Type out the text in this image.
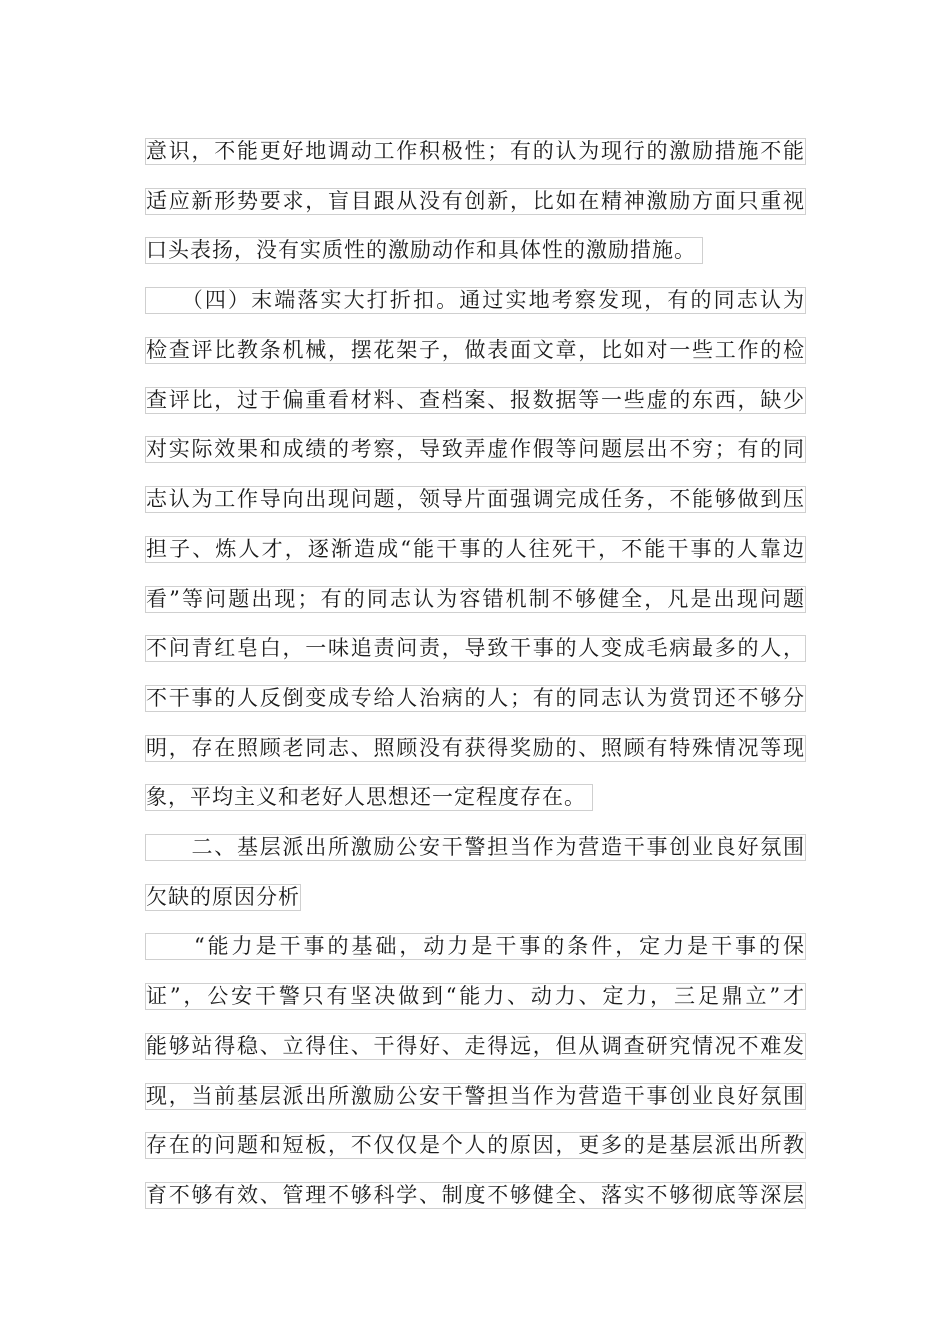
意识，不能更好地调动工作积极性；有的认为现行的激励措施不能
适应新形势要求，盲目跟从没有创新，比如在精神激励方面只重视
口头表扬，没有实质性的激励动作和具体性的激励措施。
　　（四）末端落实大打折扣。通过实地考察发现，有的同志认为
检查评比教条机械，摆花架子，做表面文章，比如对一些工作的检
查评比，过于偏重看材料、查档案、报数据等一些虚的东西，缺少
对实际效果和成绩的考察，导致弄虚作假等问题层出不穷；有的同
志认为工作导向出现问题，领导片面强调完成任务，不能够做到压
担子、炼人才，逐渐造成“能干事的人往死干，不能干事的人靠边
看”等问题出现；有的同志认为容错机制不够健全，凡是出现问题
不问青红皂白，一味追责问责，导致干事的人变成毛病最多的人，
不干事的人反倒变成专给人治病的人；有的同志认为赏罚还不够分
明，存在照顾老同志、照顾没有获得奖励的、照顾有特殊情况等现
象，平均主义和老好人思想还一定程度存在。
　　二、基层派出所激励公安干警担当作为营造干事创业良好氛围
欠缺的原因分析
　　“能力是干事的基础，动力是干事的条件，定力是干事的保
证”，公安干警只有坚决做到“能力、动力、定力，三足鼎立”才
能够站得稳、立得住、干得好、走得远，但从调查研究情况不难发
现，当前基层派出所激励公安干警担当作为营造干事创业良好氛围
存在的问题和短板，不仅仅是个人的原因，更多的是基层派出所教
育不够有效、管理不够科学、制度不够健全、落实不够彻底等深层
